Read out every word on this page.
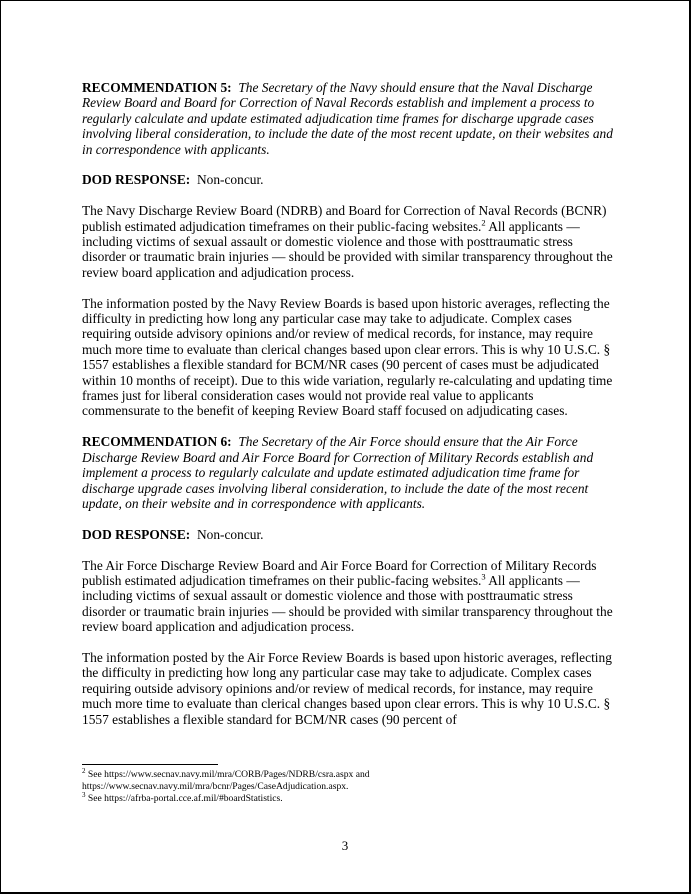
RECOMMENDATION 5: The Secretary of the Navy should ensure that the Naval Discharge Review Board and Board for Correction of Naval Records establish and implement a process to regularly calculate and update estimated adjudication time frames for discharge upgrade cases involving liberal consideration, to include the date of the most recent update, on their websites and in correspondence with applicants.

DOD RESPONSE: Non-concur.

The Navy Discharge Review Board (NDRB) and Board for Correction of Naval Records (BCNR) publish estimated adjudication timeframes on their public-facing websites.$^2$ All applicants — including victims of sexual assault or domestic violence and those with posttraumatic stress disorder or traumatic brain injuries — should be provided with similar transparency throughout the review board application and adjudication process.

The information posted by the Navy Review Boards is based upon historic averages, reflecting the difficulty in predicting how long any particular case may take to adjudicate. Complex cases requiring outside advisory opinions and/or review of medical records, for instance, may require much more time to evaluate than clerical changes based upon clear errors. This is why 10 U.S.C. § 1557 establishes a flexible standard for BCM/NR cases (90 percent of cases must be adjudicated within 10 months of receipt). Due to this wide variation, regularly re-calculating and updating time frames just for liberal consideration cases would not provide real value to applicants commensurate to the benefit of keeping Review Board staff focused on adjudicating cases.

RECOMMENDATION 6: The Secretary of the Air Force should ensure that the Air Force Discharge Review Board and Air Force Board for Correction of Military Records establish and implement a process to regularly calculate and update estimated adjudication time frame for discharge upgrade cases involving liberal consideration, to include the date of the most recent update, on their website and in correspondence with applicants.

DOD RESPONSE: Non-concur.

The Air Force Discharge Review Board and Air Force Board for Correction of Military Records publish estimated adjudication timeframes on their public-facing websites.$^3$ All applicants — including victims of sexual assault or domestic violence and those with posttraumatic stress disorder or traumatic brain injuries — should be provided with similar transparency throughout the review board application and adjudication process.

The information posted by the Air Force Review Boards is based upon historic averages, reflecting the difficulty in predicting how long any particular case may take to adjudicate. Complex cases requiring outside advisory opinions and/or review of medical records, for instance, may require much more time to evaluate than clerical changes based upon clear errors. This is why 10 U.S.C. § 1557 establishes a flexible standard for BCM/NR cases (90 percent of

$^2$ See https://www.secnav.navy.mil/mra/CORB/Pages/NDRB/csra.aspx and https://www.secnav.navy.mil/mra/bcnr/Pages/CaseAdjudication.aspx.
$^3$ See https://afrba-portal.cce.af.mil/#boardStatistics.
3
